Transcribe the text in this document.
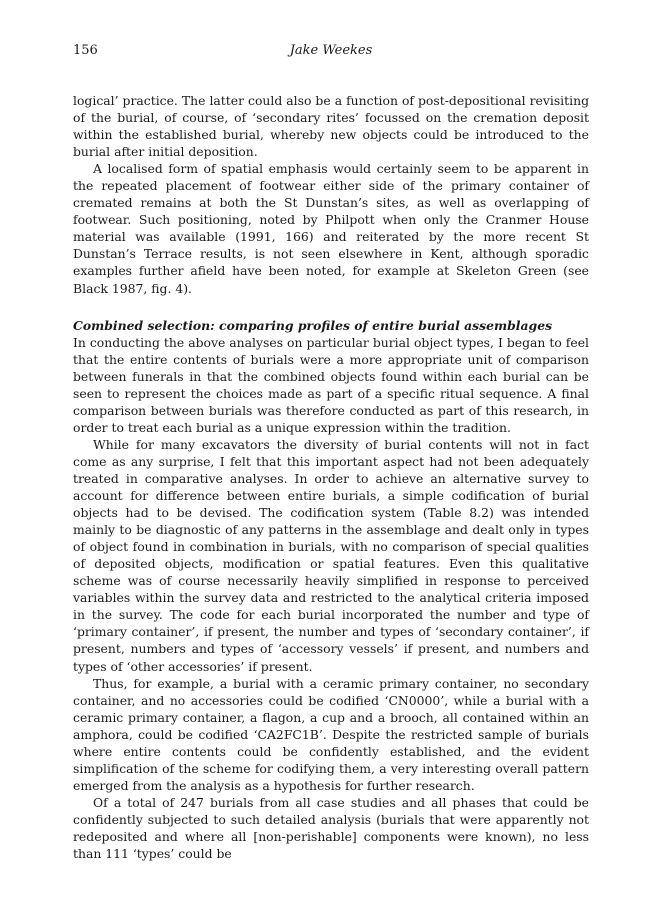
156	Jake Weekes

logical’ practice. The latter could also be a function of post-depositional revisiting of the burial, of course, of ‘secondary rites’ focussed on the cremation deposit within the established burial, whereby new objects could be introduced to the burial after initial deposition.

A localised form of spatial emphasis would certainly seem to be apparent in the repeated placement of footwear either side of the primary container of cremated remains at both the St Dunstan’s sites, as well as overlapping of footwear. Such positioning, noted by Philpott when only the Cranmer House material was available (1991, 166) and reiterated by the more recent St Dunstan’s Terrace results, is not seen elsewhere in Kent, although sporadic examples further afield have been noted, for example at Skeleton Green (see Black 1987, fig. 4).

Combined selection: comparing profiles of entire burial assemblages

In conducting the above analyses on particular burial object types, I began to feel that the entire contents of burials were a more appropriate unit of comparison between funerals in that the combined objects found within each burial can be seen to represent the choices made as part of a specific ritual sequence. A final comparison between burials was therefore conducted as part of this research, in order to treat each burial as a unique expression within the tradition.

While for many excavators the diversity of burial contents will not in fact come as any surprise, I felt that this important aspect had not been adequately treated in comparative analyses. In order to achieve an alternative survey to account for difference between entire burials, a simple codification of burial objects had to be devised. The codification system (Table 8.2) was intended mainly to be diagnostic of any patterns in the assemblage and dealt only in types of object found in combination in burials, with no comparison of special qualities of deposited objects, modification or spatial features. Even this qualitative scheme was of course necessarily heavily simplified in response to perceived variables within the survey data and restricted to the analytical criteria imposed in the survey. The code for each burial incorporated the number and type of ‘primary container’, if present, the number and types of ‘secondary container’, if present, numbers and types of ‘accessory vessels’ if present, and numbers and types of ‘other accessories’ if present.

Thus, for example, a burial with a ceramic primary container, no secondary container, and no accessories could be codified ‘CN0000’, while a burial with a ceramic primary container, a flagon, a cup and a brooch, all contained within an amphora, could be codified ‘CA2FC1B’. Despite the restricted sample of burials where entire contents could be confidently established, and the evident simplification of the scheme for codifying them, a very interesting overall pattern emerged from the analysis as a hypothesis for further research.

Of a total of 247 burials from all case studies and all phases that could be confidently subjected to such detailed analysis (burials that were apparently not redeposited and where all [non-perishable] components were known), no less than 111 ‘types’ could be
